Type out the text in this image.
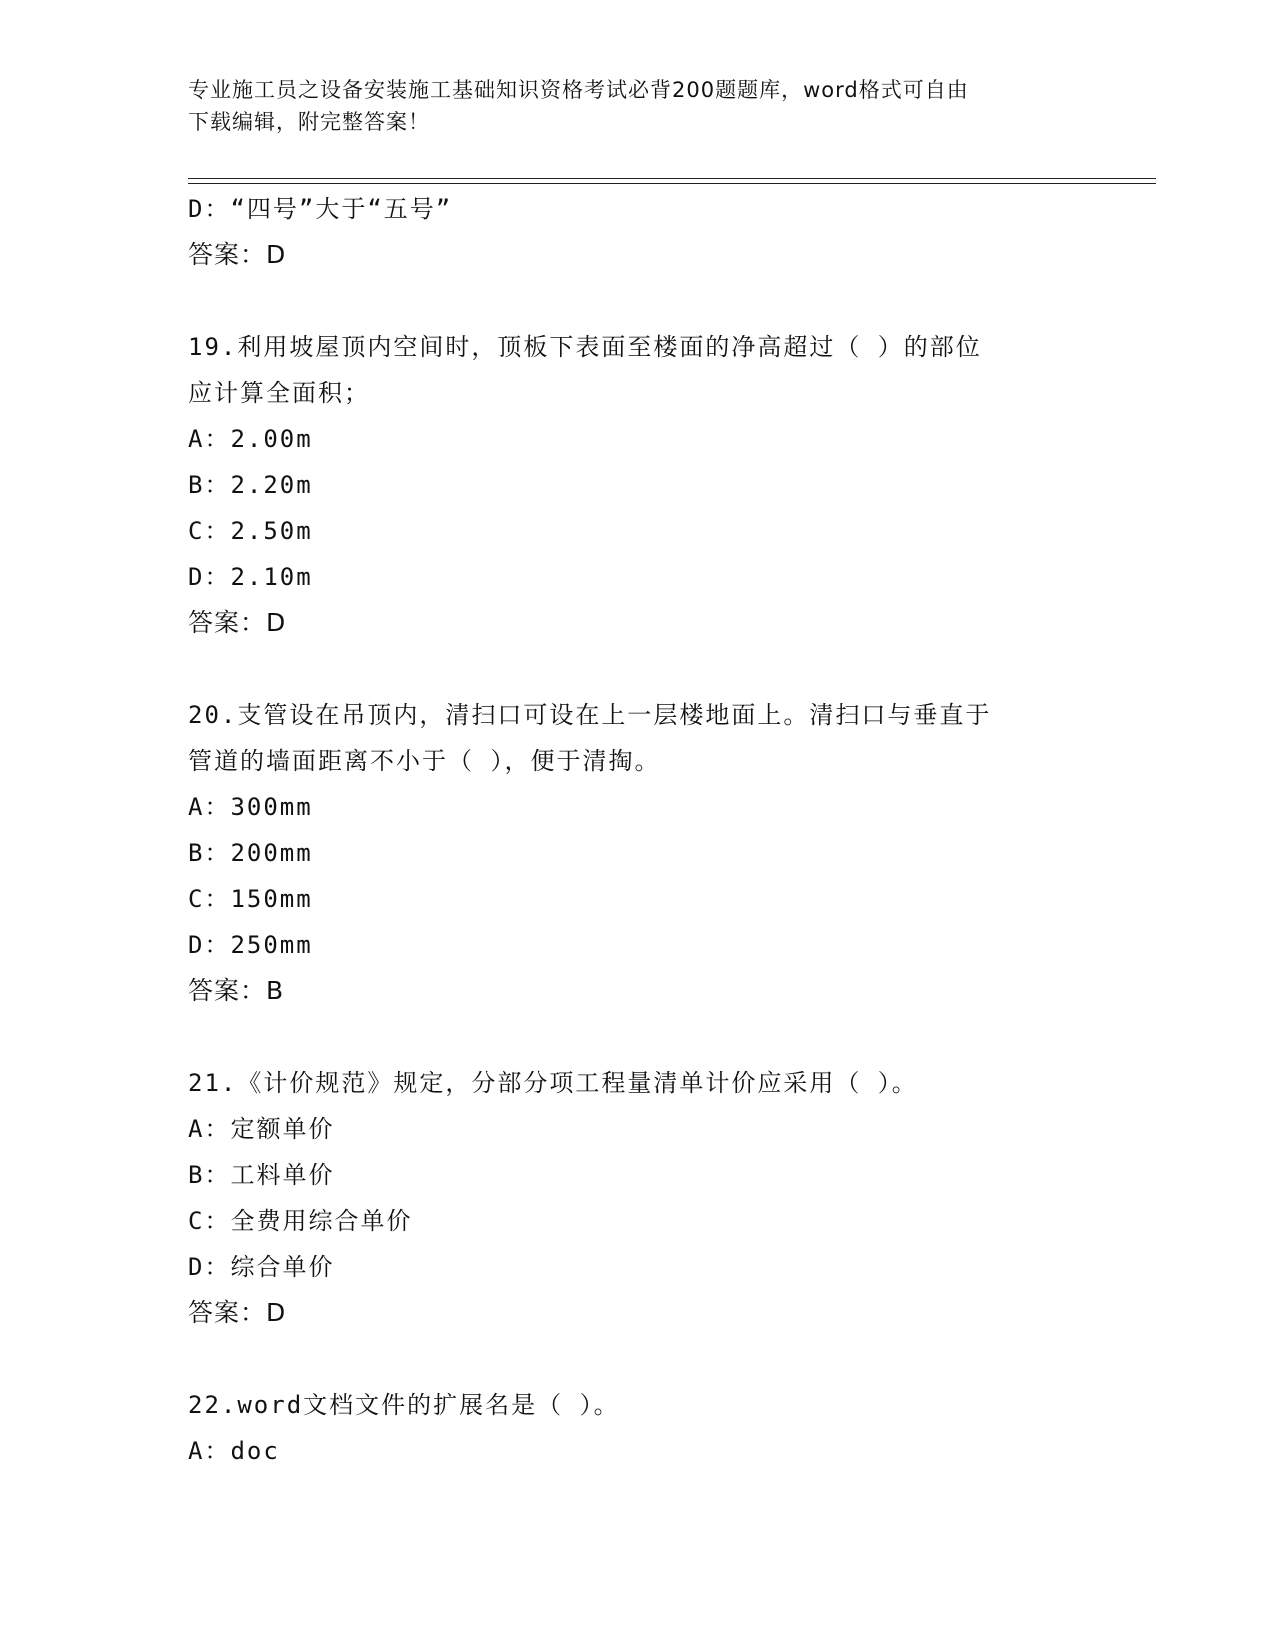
专业施工员之设备安装施工基础知识资格考试必背200题题库，word格式可自由
下载编辑，附完整答案！
D：“四号”大于“五号”
答案：D
19.利用坡屋顶内空间时，顶板下表面至楼面的净高超过（ ）的部位
应计算全面积；
A：2.00m
B：2.20m
C：2.50m
D：2.10m
答案：D
20.支管设在吊顶内，清扫口可设在上一层楼地面上。清扫口与垂直于
管道的墙面距离不小于（ ），便于清掏。
A：300mm
B：200mm
C：150mm
D：250mm
答案：B
21.《计价规范》规定，分部分项工程量清单计价应采用（ ）。
A：定额单价
B：工料单价
C：全费用综合单价
D：综合单价
答案：D
22.word文档文件的扩展名是（ ）。
A：doc
